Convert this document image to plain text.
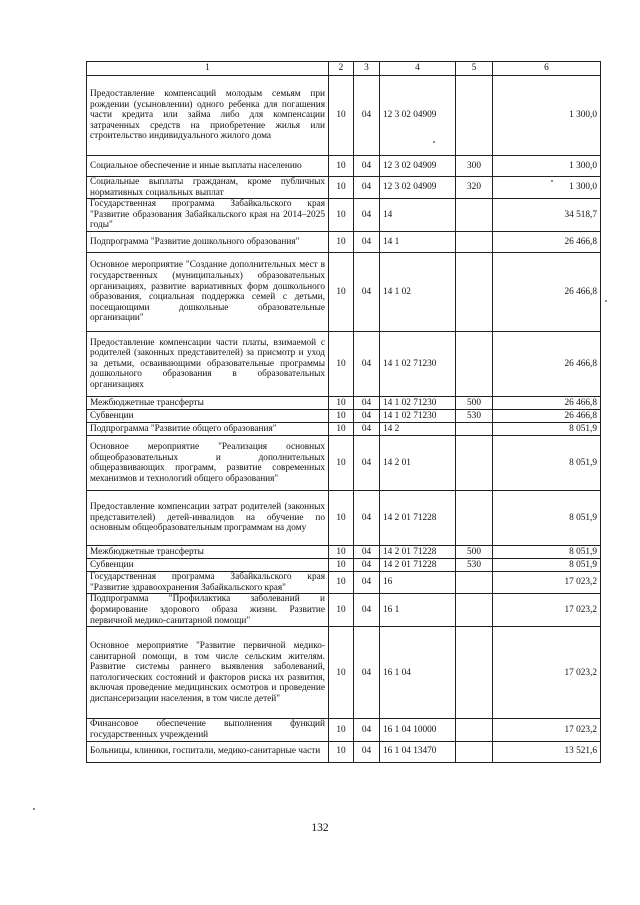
1	2	3	4	5	6
Предоставление компенсаций молодым семьям при рождении (усыновлении) одного ребенка для погашения части кредита или займа либо для компенсации затраченных средств на приобретение жилья или строительство индивидуального жилого дома	10	04	12 3 02 04909		1 300,0
Социальное обеспечение и иные выплаты населению	10	04	12 3 02 04909	300	1 300,0
Социальные выплаты гражданам, кроме публичных нормативных социальных выплат	10	04	12 3 02 04909	320	1 300,0
Государственная программа Забайкальского края "Развитие образования Забайкальского края на 2014–2025 годы"	10	04	14		34 518,7
Подпрограмма "Развитие дошкольного образования"	10	04	14 1		26 466,8
Основное мероприятие "Создание дополнительных мест в государственных (муниципальных) образовательных организациях, развитие вариативных форм дошкольного образования, социальная поддержка семей с детьми, посещающими дошкольные образовательные организации"	10	04	14 1 02		26 466,8
Предоставление компенсации части платы, взимаемой с родителей (законных представителей) за присмотр и уход за детьми, осваивающими образовательные программы дошкольного образования в образовательных организациях	10	04	14 1 02 71230		26 466,8
Межбюджетные трансферты	10	04	14 1 02 71230	500	26 466,8
Субвенции	10	04	14 1 02 71230	530	26 466,8
Подпрограмма "Развитие общего образования"	10	04	14 2		8 051,9
Основное мероприятие "Реализация основных общеобразовательных и дополнительных общеразвивающих программ, развитие современных механизмов и технологий общего образования"	10	04	14 2 01		8 051,9
Предоставление компенсации затрат родителей (законных представителей) детей-инвалидов на обучение по основным общеобразовательным программам на дому	10	04	14 2 01 71228		8 051,9
Межбюджетные трансферты	10	04	14 2 01 71228	500	8 051,9
Субвенции	10	04	14 2 01 71228	530	8 051,9
Государственная программа Забайкальского края "Развитие здравоохранения Забайкальского края"	10	04	16		17 023,2
Подпрограмма "Профилактика заболеваний и формирование здорового образа жизни. Развитие первичной медико-санитарной помощи"	10	04	16 1		17 023,2
Основное мероприятие "Развитие первичной медико-санитарной помощи, в том числе сельским жителям. Развитие системы раннего выявления заболеваний, патологических состояний и факторов риска их развития, включая проведение медицинских осмотров и проведение диспансеризации населения, в том числе детей"	10	04	16 1 04		17 023,2
Финансовое обеспечение выполнения функций государственных учреждений	10	04	16 1 04 10000		17 023,2
Больницы, клиники, госпитали, медико-санитарные части	10	04	16 1 04 13470		13 521,6
132
